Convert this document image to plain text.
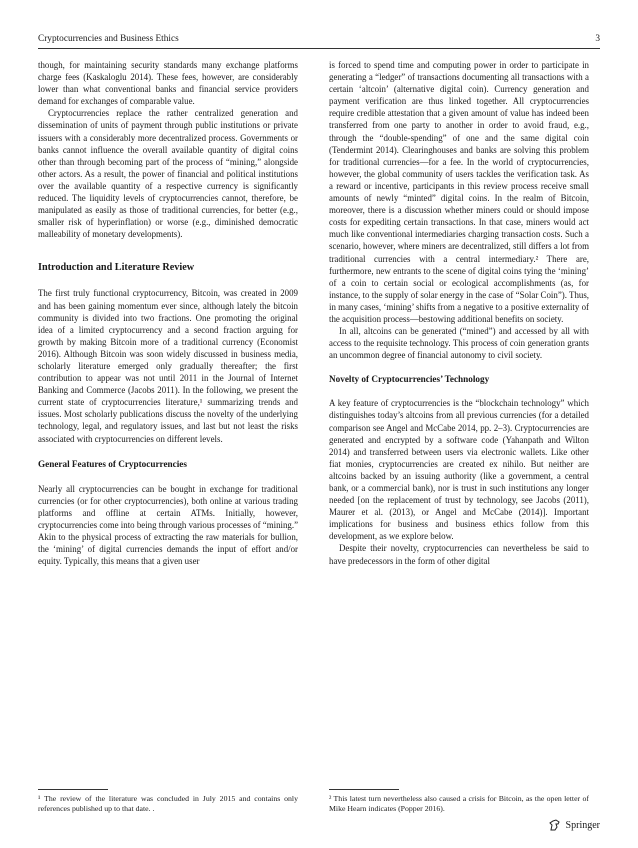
Cryptocurrencies and Business Ethics	3

though, for maintaining security standards many exchange platforms charge fees (Kaskaloglu 2014). These fees, however, are considerably lower than what conventional banks and financial service providers demand for exchanges of comparable value.

Cryptocurrencies replace the rather centralized generation and dissemination of units of payment through public institutions or private issuers with a considerably more decentralized process. Governments or banks cannot influence the overall available quantity of digital coins other than through becoming part of the process of “mining,” alongside other actors. As a result, the power of financial and political institutions over the available quantity of a respective currency is significantly reduced. The liquidity levels of cryptocurrencies cannot, therefore, be manipulated as easily as those of traditional currencies, for better (e.g., smaller risk of hyperinflation) or worse (e.g., diminished democratic malleability of monetary developments).

Introduction and Literature Review

The first truly functional cryptocurrency, Bitcoin, was created in 2009 and has been gaining momentum ever since, although lately the bitcoin community is divided into two fractions. One promoting the original idea of a limited cryptocurrency and a second fraction arguing for growth by making Bitcoin more of a traditional currency (Economist 2016). Although Bitcoin was soon widely discussed in business media, scholarly literature emerged only gradually thereafter; the first contribution to appear was not until 2011 in the Journal of Internet Banking and Commerce (Jacobs 2011). In the following, we present the current state of cryptocurrencies literature,¹ summarizing trends and issues. Most scholarly publications discuss the novelty of the underlying technology, legal, and regulatory issues, and last but not least the risks associated with cryptocurrencies on different levels.

General Features of Cryptocurrencies

Nearly all cryptocurrencies can be bought in exchange for traditional currencies (or for other cryptocurrencies), both online at various trading platforms and offline at certain ATMs. Initially, however, cryptocurrencies come into being through various processes of “mining.” Akin to the physical process of extracting the raw materials for bullion, the ‘mining’ of digital currencies demands the input of effort and/or equity. Typically, this means that a given user

is forced to spend time and computing power in order to participate in generating a “ledger” of transactions documenting all transactions with a certain ‘altcoin’ (alternative digital coin). Currency generation and payment verification are thus linked together. All cryptocurrencies require credible attestation that a given amount of value has indeed been transferred from one party to another in order to avoid fraud, e.g., through the “double-spending” of one and the same digital coin (Tendermint 2014). Clearinghouses and banks are solving this problem for traditional currencies—for a fee. In the world of cryptocurrencies, however, the global community of users tackles the verification task. As a reward or incentive, participants in this review process receive small amounts of newly “minted” digital coins. In the realm of Bitcoin, moreover, there is a discussion whether miners could or should impose costs for expediting certain transactions. In that case, miners would act much like conventional intermediaries charging transaction costs. Such a scenario, however, where miners are decentralized, still differs a lot from traditional currencies with a central intermediary.² There are, furthermore, new entrants to the scene of digital coins tying the ‘mining’ of a coin to certain social or ecological accomplishments (as, for instance, to the supply of solar energy in the case of “Solar Coin”). Thus, in many cases, ‘mining’ shifts from a negative to a positive externality of the acquisition process—bestowing additional benefits on society.

In all, altcoins can be generated (“mined”) and accessed by all with access to the requisite technology. This process of coin generation grants an uncommon degree of financial autonomy to civil society.

Novelty of Cryptocurrencies’ Technology

A key feature of cryptocurrencies is the “blockchain technology” which distinguishes today’s altcoins from all previous currencies (for a detailed comparison see Angel and McCabe 2014, pp. 2–3). Cryptocurrencies are generated and encrypted by a software code (Yahanpath and Wilton 2014) and transferred between users via electronic wallets. Like other fiat monies, cryptocurrencies are created ex nihilo. But neither are altcoins backed by an issuing authority (like a government, a central bank, or a commercial bank), nor is trust in such institutions any longer needed [on the replacement of trust by technology, see Jacobs (2011), Maurer et al. (2013), or Angel and McCabe (2014)]. Important implications for business and business ethics follow from this development, as we explore below.

Despite their novelty, cryptocurrencies can nevertheless be said to have predecessors in the form of other digital

¹ The review of the literature was concluded in July 2015 and contains only references published up to that date. .
² This latest turn nevertheless also caused a crisis for Bitcoin, as the open letter of Mike Hearn indicates (Popper 2016).
Springer
